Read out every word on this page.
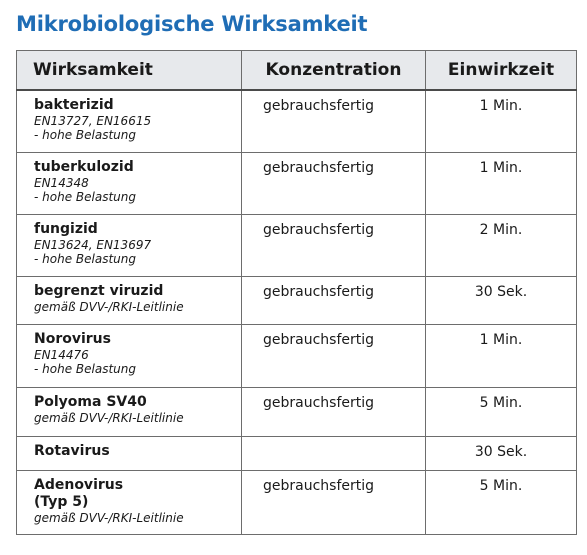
Mikrobiologische Wirksamkeit
Wirksamkeit	Konzentration	Einwirkzeit

bakterizid
EN13727, EN16615
- hohe Belastung	gebrauchsfertig	1 Min.

tuberkulozid
EN14348
- hohe Belastung	gebrauchsfertig	1 Min.

fungizid
EN13624, EN13697
- hohe Belastung	gebrauchsfertig	2 Min.

begrenzt viruzid
gemäß DVV-/RKI-Leitlinie	gebrauchsfertig	30 Sek.

Norovirus
EN14476
- hohe Belastung	gebrauchsfertig	1 Min.

Polyoma SV40
gemäß DVV-/RKI-Leitlinie	gebrauchsfertig	5 Min.

Rotavirus		30 Sek.

Adenovirus
(Typ 5)
gemäß DVV-/RKI-Leitlinie	gebrauchsfertig	5 Min.
